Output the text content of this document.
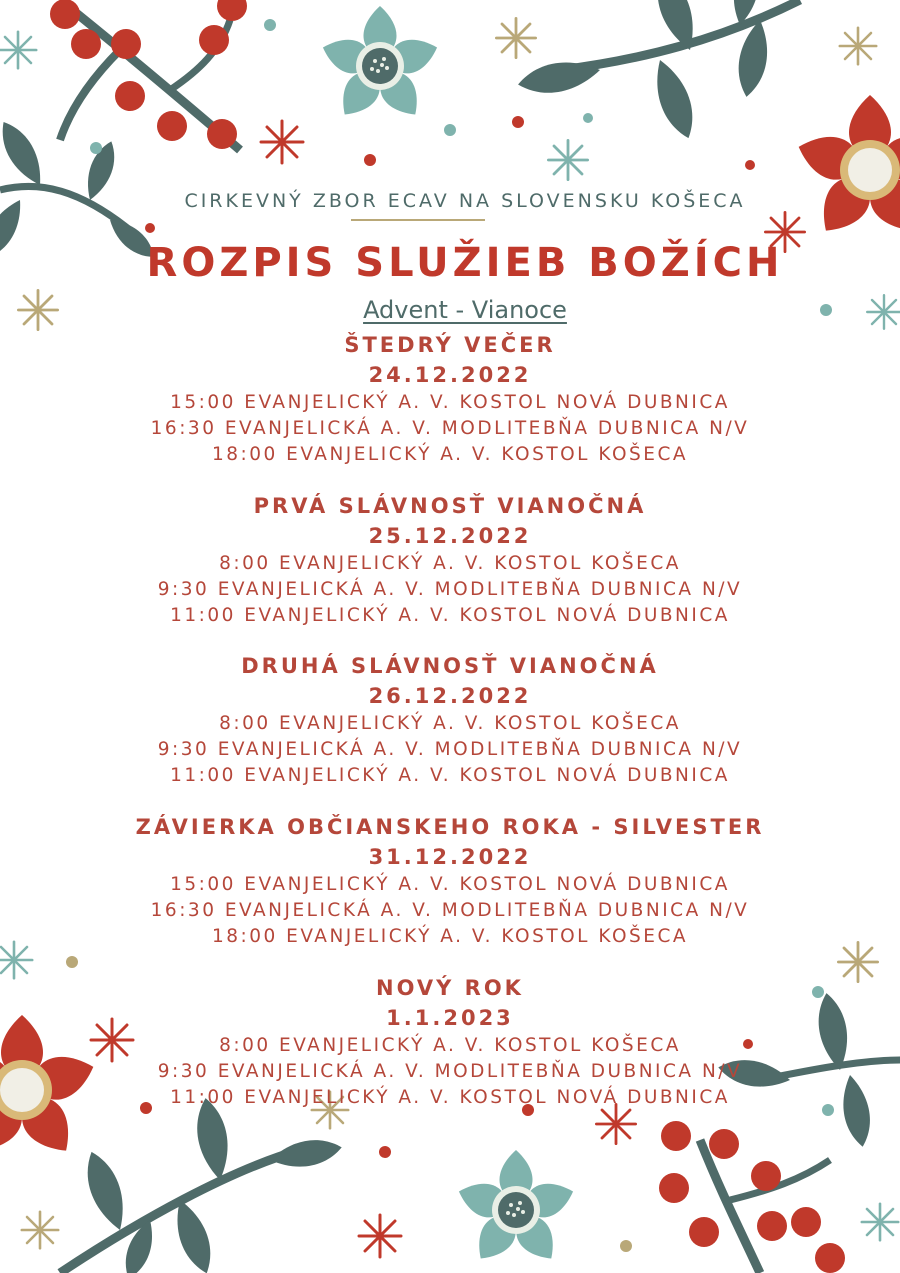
CIRKEVNÝ ZBOR ECAV NA SLOVENSKU KOŠECA
ROZPIS SLUŽIEB BOŽÍCH
Advent - Vianoce
ŠTEDRÝ VEČER
24.12.2022
15:00 EVANJELICKÝ A. V. KOSTOL NOVÁ DUBNICA
16:30 EVANJELICKÁ A. V. MODLITEBŇA DUBNICA N/V
18:00 EVANJELICKÝ A. V. KOSTOL KOŠECA
PRVÁ SLÁVNOSŤ VIANOČNÁ
25.12.2022
8:00 EVANJELICKÝ A. V. KOSTOL KOŠECA
9:30 EVANJELICKÁ A. V. MODLITEBŇA DUBNICA N/V
11:00 EVANJELICKÝ A. V. KOSTOL NOVÁ DUBNICA
DRUHÁ SLÁVNOSŤ VIANOČNÁ
26.12.2022
8:00 EVANJELICKÝ A. V. KOSTOL KOŠECA
9:30 EVANJELICKÁ A. V. MODLITEBŇA DUBNICA N/V
11:00 EVANJELICKÝ A. V. KOSTOL NOVÁ DUBNICA
ZÁVIERKA OBČIANSKEHO ROKA - SILVESTER
31.12.2022
15:00 EVANJELICKÝ A. V. KOSTOL NOVÁ DUBNICA
16:30 EVANJELICKÁ A. V. MODLITEBŇA DUBNICA N/V
18:00 EVANJELICKÝ A. V. KOSTOL KOŠECA
NOVÝ ROK
1.1.2023
8:00 EVANJELICKÝ A. V. KOSTOL KOŠECA
9:30 EVANJELICKÁ A. V. MODLITEBŇA DUBNICA N/V
11:00 EVANJELICKÝ A. V. KOSTOL NOVÁ DUBNICA
